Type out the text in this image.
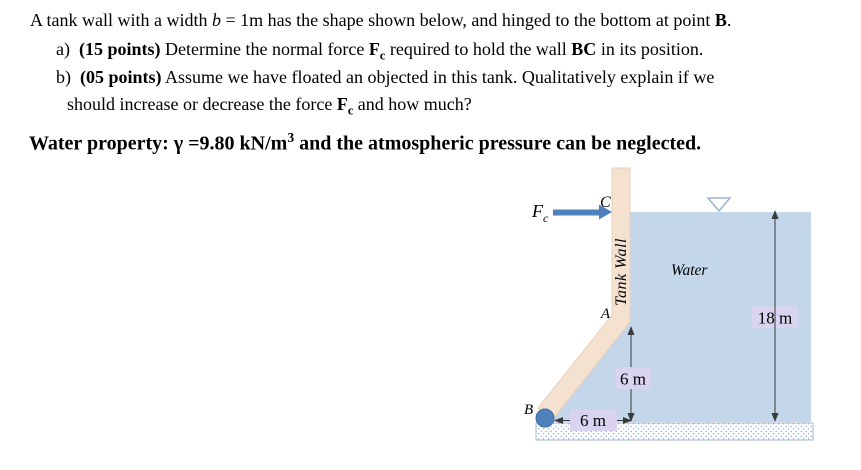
A tank wall with a width b = 1m has the shape shown below, and hinged to the bottom at point B.
a)  (15 points) Determine the normal force $F_c$ required to hold the wall BC in its position.
b)  (05 points) Assume we have floated an objected in this tank. Qualitatively explain if we
should increase or decrease the force $F_c$ and how much?
Water property: γ =9.80 $kN/m^3$ and the atmospheric pressure can be neglected.
18 m
6 m
6 m
$F_c$
C
A
B
Tank Wall	Water
